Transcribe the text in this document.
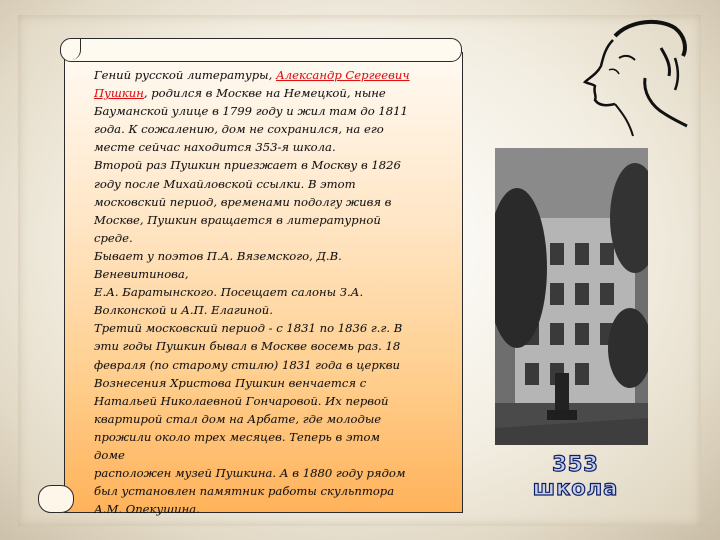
Гений русской литературы, Александр Сергеевич Пушкин, родился в Москве на Немецкой, ныне
Бауманской улице в 1799 году и жил там до 1811
года. К сожалению, дом не сохранился, на его
месте сейчас находится 353-я школа.
Второй раз Пушкин приезжает в Москву в 1826
году после Михайловской ссылки. В этот
московский период, временами подолгу живя в
Москве, Пушкин вращается в литературной среде.
Бывает у поэтов П.А. Вяземского, Д.В.
Веневитинова,
Е.А. Баратынского. Посещает салоны З.А.
Волконской и А.П. Елагиной.
Третий московский период - с 1831 по 1836 г.г. В
эти годы Пушкин бывал в Москве восемь раз. 18
февраля (по старому стилю) 1831 года в церкви
Вознесения Христова Пушкин венчается с
Натальей Николаевной Гончаровой. Их первой
квартирой стал дом на Арбате, где молодые
прожили около трех месяцев. Теперь в этом доме
расположен музей Пушкина. А в 1880 году рядом
был установлен памятник работы скульптора
А.М. Опекушина.
353 школа
